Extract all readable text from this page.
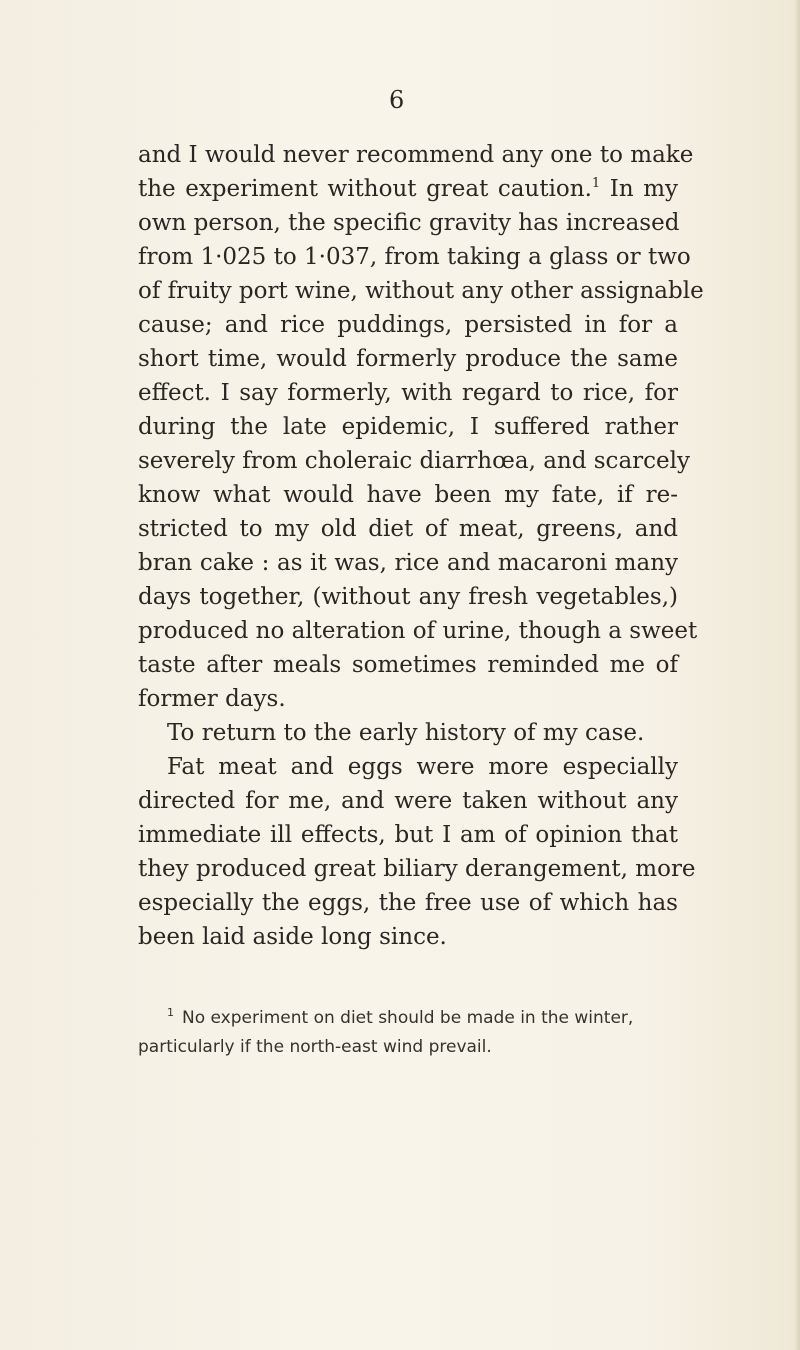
6
and I would never recommend any one to make
the experiment without great caution.$^1$ In my
own person, the specific gravity has increased
from 1·025 to 1·037, from taking a glass or two
of fruity port wine, without any other assignable
cause; and rice puddings, persisted in for a
short time, would formerly produce the same
effect. I say formerly, with regard to rice, for
during the late epidemic, I suffered rather
severely from choleraic diarrhœa, and scarcely
know what would have been my fate, if re-
stricted to my old diet of meat, greens, and
bran cake : as it was, rice and macaroni many
days together, (without any fresh vegetables,)
produced no alteration of urine, though a sweet
taste after meals sometimes reminded me of
former days.
To return to the early history of my case.
Fat meat and eggs were more especially
directed for me, and were taken without any
immediate ill effects, but I am of opinion that
they produced great biliary derangement, more
especially the eggs, the free use of which has
been laid aside long since.
$^1$ No experiment on diet should be made in the winter,
particularly if the north-east wind prevail.
